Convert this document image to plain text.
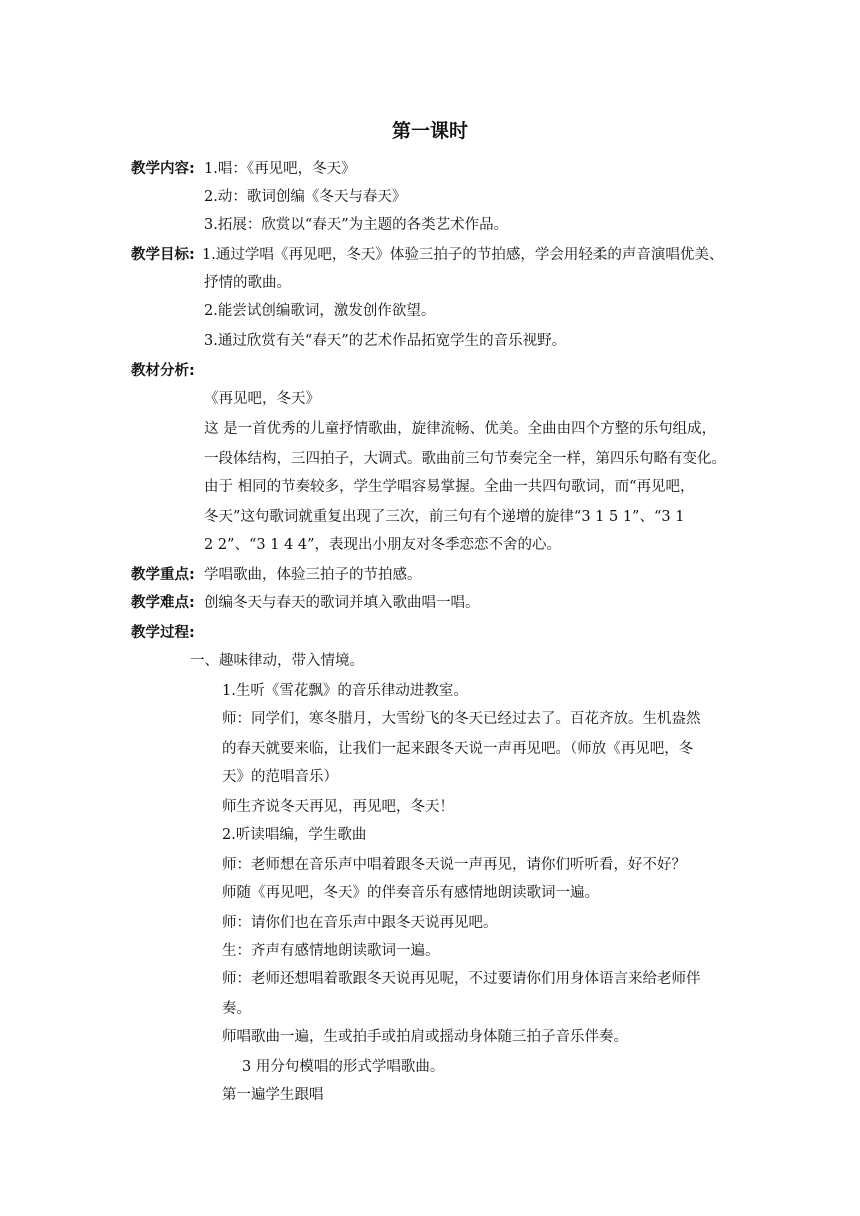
第一课时
教学内容: 1.唱：《再见吧，冬天》
2.动：歌词创编《冬天与春天》
3.拓展：欣赏以“春天”为主题的各类艺术作品。
教学目标: 1.通过学唱《再见吧，冬天》体验三拍子的节拍感，学会用轻柔的声音演唱优美、
抒情的歌曲。
2.能尝试创编歌词，激发创作欲望。
3.通过欣赏有关“春天”的艺术作品拓宽学生的音乐视野。
教材分析:
《再见吧，冬天》
这 是一首优秀的儿童抒情歌曲，旋律流畅、优美。全曲由四个方整的乐句组成，
一段体结构，三四拍子，大调式。歌曲前三句节奏完全一样，第四乐句略有变化。
由于 相同的节奏较多，学生学唱容易掌握。全曲一共四句歌词，而“再见吧，
冬天”这句歌词就重复出现了三次，前三句有个递增的旋律“3 1 5 1”、“3 1
2 2”、“3 1 4 4”，表现出小朋友对冬季恋恋不舍的心。
教学重点: 学唱歌曲，体验三拍子的节拍感。
教学难点: 创编冬天与春天的歌词并填入歌曲唱一唱。
教学过程:
一、趣味律动，带入情境。
1.生听《雪花飘》的音乐律动进教室。
师：同学们，寒冬腊月，大雪纷飞的冬天已经过去了。百花齐放。生机盎然
的春天就要来临，让我们一起来跟冬天说一声再见吧。（师放《再见吧，冬
天》的范唱音乐）
师生齐说冬天再见，再见吧，冬天！
2.听读唱编，学生歌曲
师：老师想在音乐声中唱着跟冬天说一声再见，请你们听听看，好不好？
师随《再见吧，冬天》的伴奏音乐有感情地朗读歌词一遍。
师：请你们也在音乐声中跟冬天说再见吧。
生：齐声有感情地朗读歌词一遍。
师：老师还想唱着歌跟冬天说再见呢，不过要请你们用身体语言来给老师伴
奏。
师唱歌曲一遍，生或拍手或拍肩或摇动身体随三拍子音乐伴奏。
3 用分句模唱的形式学唱歌曲。
第一遍学生跟唱
